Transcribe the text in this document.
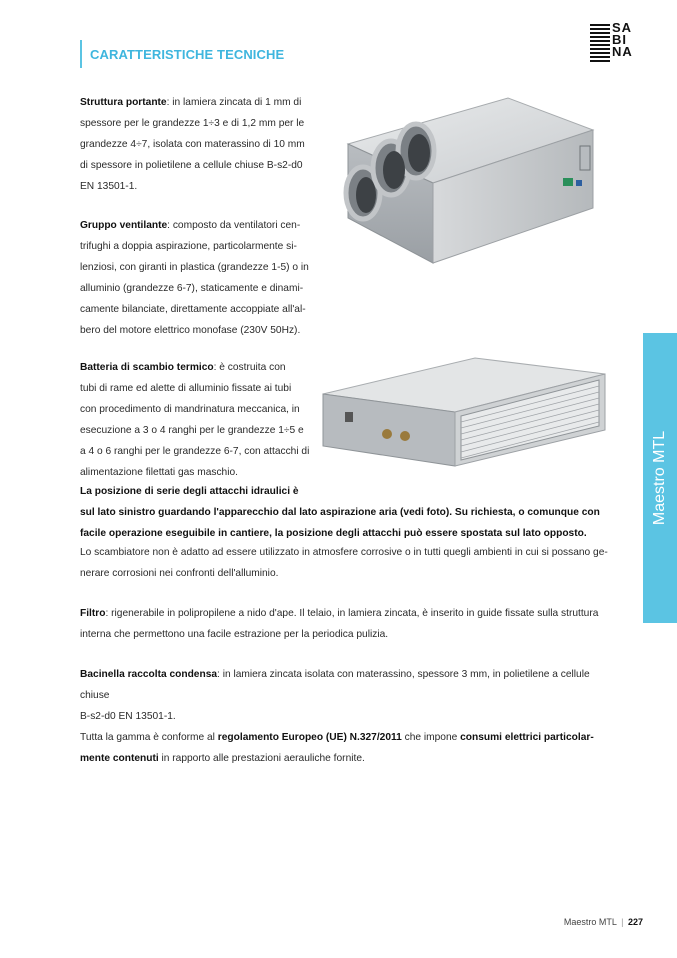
CARATTERISTICHE TECNICHE
SA BI NA
Struttura portante: in lamiera zincata di 1 mm di
spessore per le grandezze 1÷3 e di 1,2 mm per le
grandezze 4÷7, isolata con materassino di 10 mm
di spessore in polietilene a cellule chiuse B-s2-d0
EN 13501-1.
Gruppo ventilante: composto da ventilatori cen-
trifughi a doppia aspirazione, particolarmente si-
lenziosi, con giranti in plastica (grandezze 1-5) o in
alluminio (grandezze 6-7), staticamente e dinami-
camente bilanciate, direttamente accoppiate all'al-
bero del motore elettrico monofase (230V 50Hz).
Batteria di scambio termico: è costruita con
tubi di rame ed alette di alluminio fissate ai tubi
con procedimento di mandrinatura meccanica, in
esecuzione a 3 o 4 ranghi per le grandezze 1÷5 e
a 4 o 6 ranghi per le grandezze 6-7, con attacchi di
alimentazione filettati gas maschio.
La posizione di serie degli attacchi idraulici è
sul lato sinistro guardando l'apparecchio dal lato aspirazione aria (vedi foto). Su richiesta, o comunque con
facile operazione eseguibile in cantiere, la posizione degli attacchi può essere spostata sul lato opposto.
Lo scambiatore non è adatto ad essere utilizzato in atmosfere corrosive o in tutti quegli ambienti in cui si possano ge-
nerare corrosioni nei confronti dell'alluminio.
Filtro: rigenerabile in polipropilene a nido d'ape. Il telaio, in lamiera zincata, è inserito in guide fissate sulla struttura
interna che permettono una facile estrazione per la periodica pulizia.
Bacinella raccolta condensa: in lamiera zincata isolata con materassino, spessore 3 mm, in polietilene a cellule chiuse
B-s2-d0 EN 13501-1.
Tutta la gamma è conforme al regolamento Europeo (UE) N.327/2011 che impone consumi elettrici particolar-
mente contenuti in rapporto alle prestazioni aerauliche fornite.
Maestro MTL
Maestro MTL | 227
